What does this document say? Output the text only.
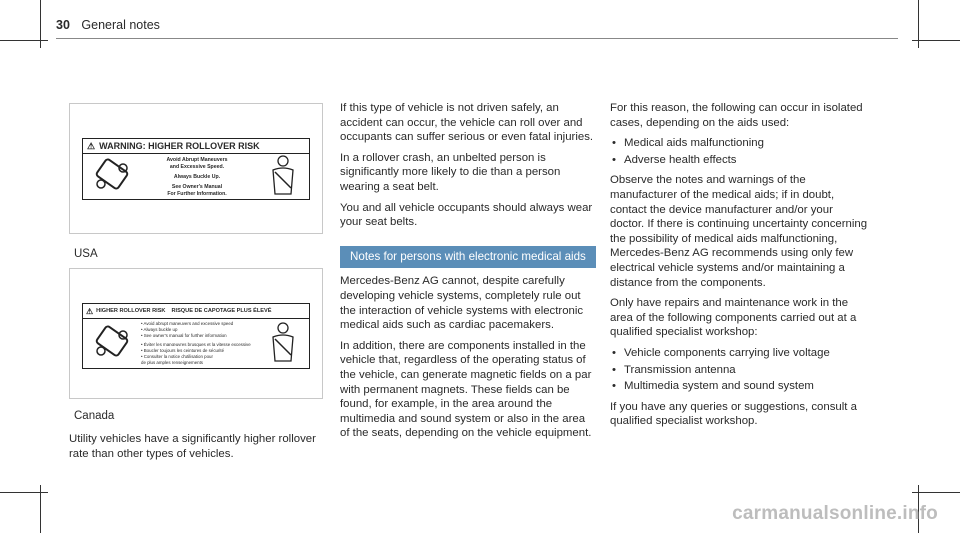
30 General notes
⚠ WARNING: HIGHER ROLLOVER RISK
Avoid Abrupt Maneuvers
and Excessive Speed.
Always Buckle Up.
See Owner's Manual
For Further Information.
USA
⚠ HIGHER ROLLOVER RISK RISQUE DE CAPOTAGE PLUS ÉLEVÉ
• Avoid abrupt maneuvers and excessive speed
• Always buckle up
• See owner's manual for further information
• Éviter les manœuvres brusques et la vitesse excessive
• Boucler toujours les ceintures de sécurité
• Consulter la notice d'utilisation pour
de plus amples renseignements
Canada

Utility vehicles have a significantly higher rollover rate than other types of vehicles.

If this type of vehicle is not driven safely, an accident can occur, the vehicle can roll over and occupants can suffer serious or even fatal injuries.

In a rollover crash, an unbelted person is significantly more likely to die than a person wearing a seat belt.

You and all vehicle occupants should always wear your seat belts.

Notes for persons with electronic medical aids

Mercedes-Benz AG cannot, despite carefully developing vehicle systems, completely rule out the interaction of vehicle systems with electronic medical aids such as cardiac pacemakers.

In addition, there are components installed in the vehicle that, regardless of the operating status of the vehicle, can generate magnetic fields on a par with permanent magnets. These fields can be found, for example, in the area around the multimedia and sound system or also in the area of the seats, depending on the vehicle equipment.

For this reason, the following can occur in isolated cases, depending on the aids used:

• Medical aids malfunctioning
• Adverse health effects

Observe the notes and warnings of the manufacturer of the medical aids; if in doubt, contact the device manufacturer and/or your doctor. If there is continuing uncertainty concerning the possibility of medical aids malfunctioning, Mercedes-Benz AG recommends using only few electrical vehicle systems and/or maintaining a distance from the components.

Only have repairs and maintenance work in the area of the following components carried out at a qualified specialist workshop:

• Vehicle components carrying live voltage
• Transmission antenna
• Multimedia system and sound system

If you have any queries or suggestions, consult a qualified specialist workshop.

carmanualsonline.info
